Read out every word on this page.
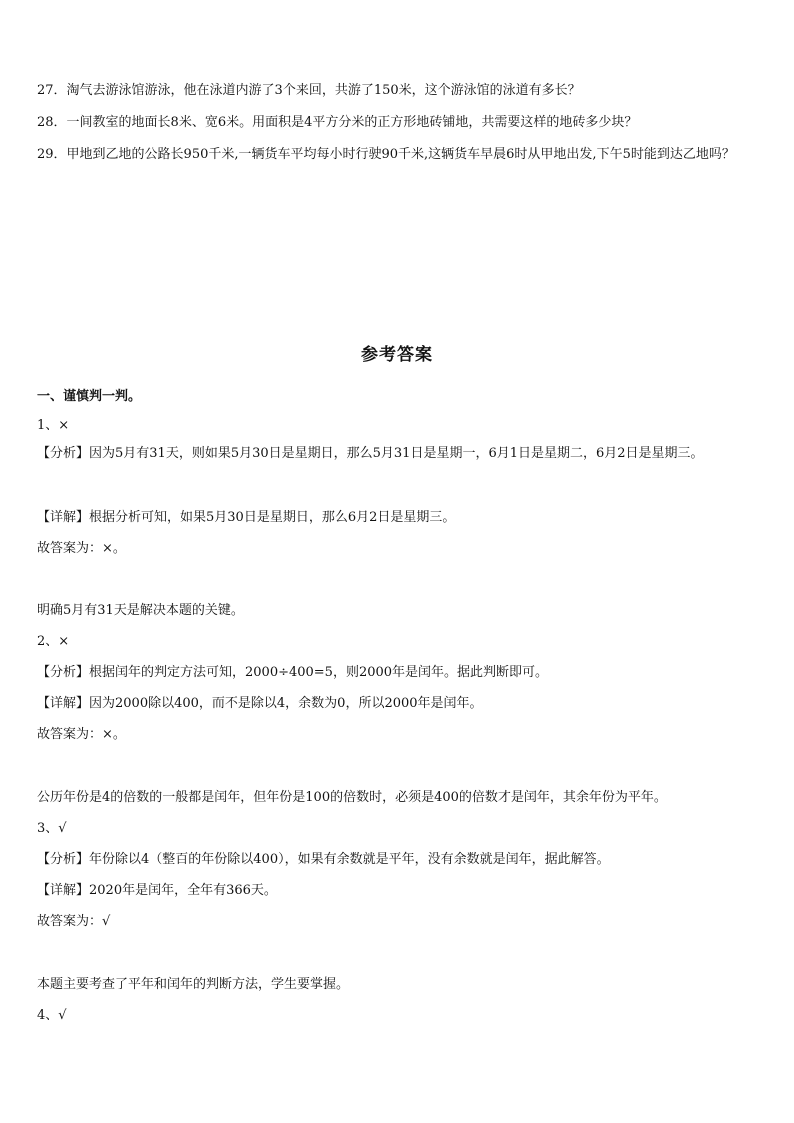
27．淘气去游泳馆游泳，他在泳道内游了3个来回，共游了150米，这个游泳馆的泳道有多长？
28．一间教室的地面长8米、宽6米。用面积是4平方分米的正方形地砖铺地，共需要这样的地砖多少块？
29．甲地到乙地的公路长950千米,一辆货车平均每小时行驶90千米,这辆货车早晨6时从甲地出发,下午5时能到达乙地吗？
参考答案
一、谨慎判一判。
1、×
【分析】因为5月有31天，则如果5月30日是星期日，那么5月31日是星期一，6月1日是星期二，6月2日是星期三。
【详解】根据分析可知，如果5月30日是星期日，那么6月2日是星期三。
故答案为：×。
明确5月有31天是解决本题的关键。
2、×
【分析】根据闰年的判定方法可知，2000÷400=5，则2000年是闰年。据此判断即可。
【详解】因为2000除以400，而不是除以4，余数为0，所以2000年是闰年。
故答案为：×。
公历年份是4的倍数的一般都是闰年，但年份是100的倍数时，必须是400的倍数才是闰年，其余年份为平年。
3、√
【分析】年份除以4（整百的年份除以400），如果有余数就是平年，没有余数就是闰年，据此解答。
【详解】2020年是闰年，全年有366天。
故答案为：√
本题主要考查了平年和闰年的判断方法，学生要掌握。
4、√
